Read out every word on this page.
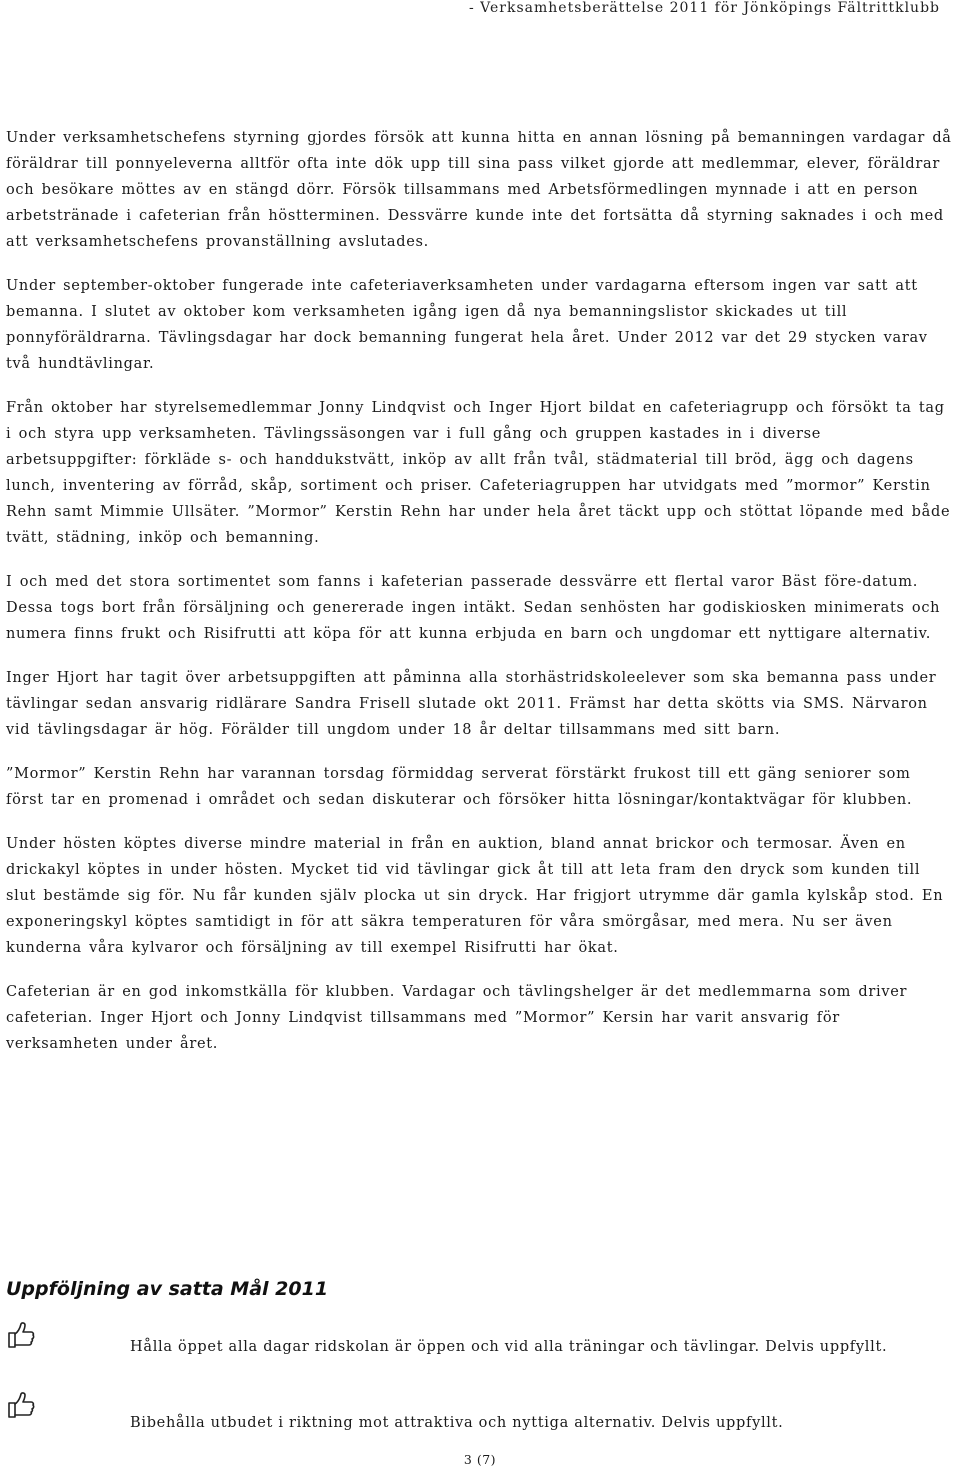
- Verksamhetsberättelse 2011 för Jönköpings Fältrittklubb

Under verksamhetschefens styrning gjordes försök att kunna hitta en annan lösning på bemanningen vardagar då föräldrar till ponnyeleverna alltför ofta inte dök upp till sina pass vilket gjorde att medlemmar, elever, föräldrar och besökare möttes av en stängd dörr. Försök tillsammans med Arbetsförmedlingen mynnade i att en person arbetstränade i cafeterian från höstterminen. Dessvärre kunde inte det fortsätta då styrning saknades i och med att verksamhetschefens provanställning avslutades.

Under september-oktober fungerade inte cafeteriaverksamheten under vardagarna eftersom ingen var satt att bemanna. I slutet av oktober kom verksamheten igång igen då nya bemanningslistor skickades ut till ponnyföräldrarna. Tävlingsdagar har dock bemanning fungerat hela året. Under 2012 var det 29 stycken varav två hundtävlingar.

Från oktober har styrelsemedlemmar Jonny Lindqvist och Inger Hjort bildat en cafeteriagrupp och försökt ta tag i och styra upp verksamheten. Tävlingssäsongen var i full gång och gruppen kastades in i diverse arbetsuppgifter: förkläde s- och handdukstvätt, inköp av allt från tvål, städmaterial till bröd, ägg och dagens lunch, inventering av förråd, skåp, sortiment och priser. Cafeteriagruppen har utvidgats med ”mormor” Kerstin Rehn samt Mimmie Ullsäter. ”Mormor” Kerstin Rehn har under hela året täckt upp och stöttat löpande med både tvätt, städning, inköp och bemanning.

I och med det stora sortimentet som fanns i kafeterian passerade dessvärre ett flertal varor Bäst före-datum. Dessa togs bort från försäljning och genererade ingen intäkt. Sedan senhösten har godiskiosken minimerats och numera finns frukt och Risifrutti att köpa för att kunna erbjuda en barn och ungdomar ett nyttigare alternativ.

Inger Hjort har tagit över arbetsuppgiften att påminna alla storhästridskoleelever som ska bemanna pass under tävlingar sedan ansvarig ridlärare Sandra Frisell slutade okt 2011. Främst har detta skötts via SMS. Närvaron vid tävlingsdagar är hög. Förälder till ungdom under 18 år deltar tillsammans med sitt barn.

”Mormor” Kerstin Rehn har varannan torsdag förmiddag serverat förstärkt frukost till ett gäng seniorer som först tar en promenad i området och sedan diskuterar och försöker hitta lösningar/kontaktvägar för klubben.

Under hösten köptes diverse mindre material in från en auktion, bland annat brickor och termosar. Även en drickakyl köptes in under hösten. Mycket tid vid tävlingar gick åt till att leta fram den dryck som kunden till slut bestämde sig för. Nu får kunden själv plocka ut sin dryck. Har frigjort utrymme där gamla kylskåp stod. En exponeringskyl köptes samtidigt in för att säkra temperaturen för våra smörgåsar, med mera. Nu ser även kunderna våra kylvaror och försäljning av till exempel Risifrutti har ökat.

Cafeterian är en god inkomstkälla för klubben. Vardagar och tävlingshelger är det medlemmarna som driver cafeterian. Inger Hjort och Jonny Lindqvist tillsammans med ”Mormor” Kersin har varit ansvarig för verksamheten under året.

Uppföljning av satta Mål 2011
Hålla öppet alla dagar ridskolan är öppen och vid alla träningar och tävlingar. Delvis uppfyllt.
Bibehålla utbudet i riktning mot attraktiva och nyttiga alternativ. Delvis uppfyllt.
3 (7)
